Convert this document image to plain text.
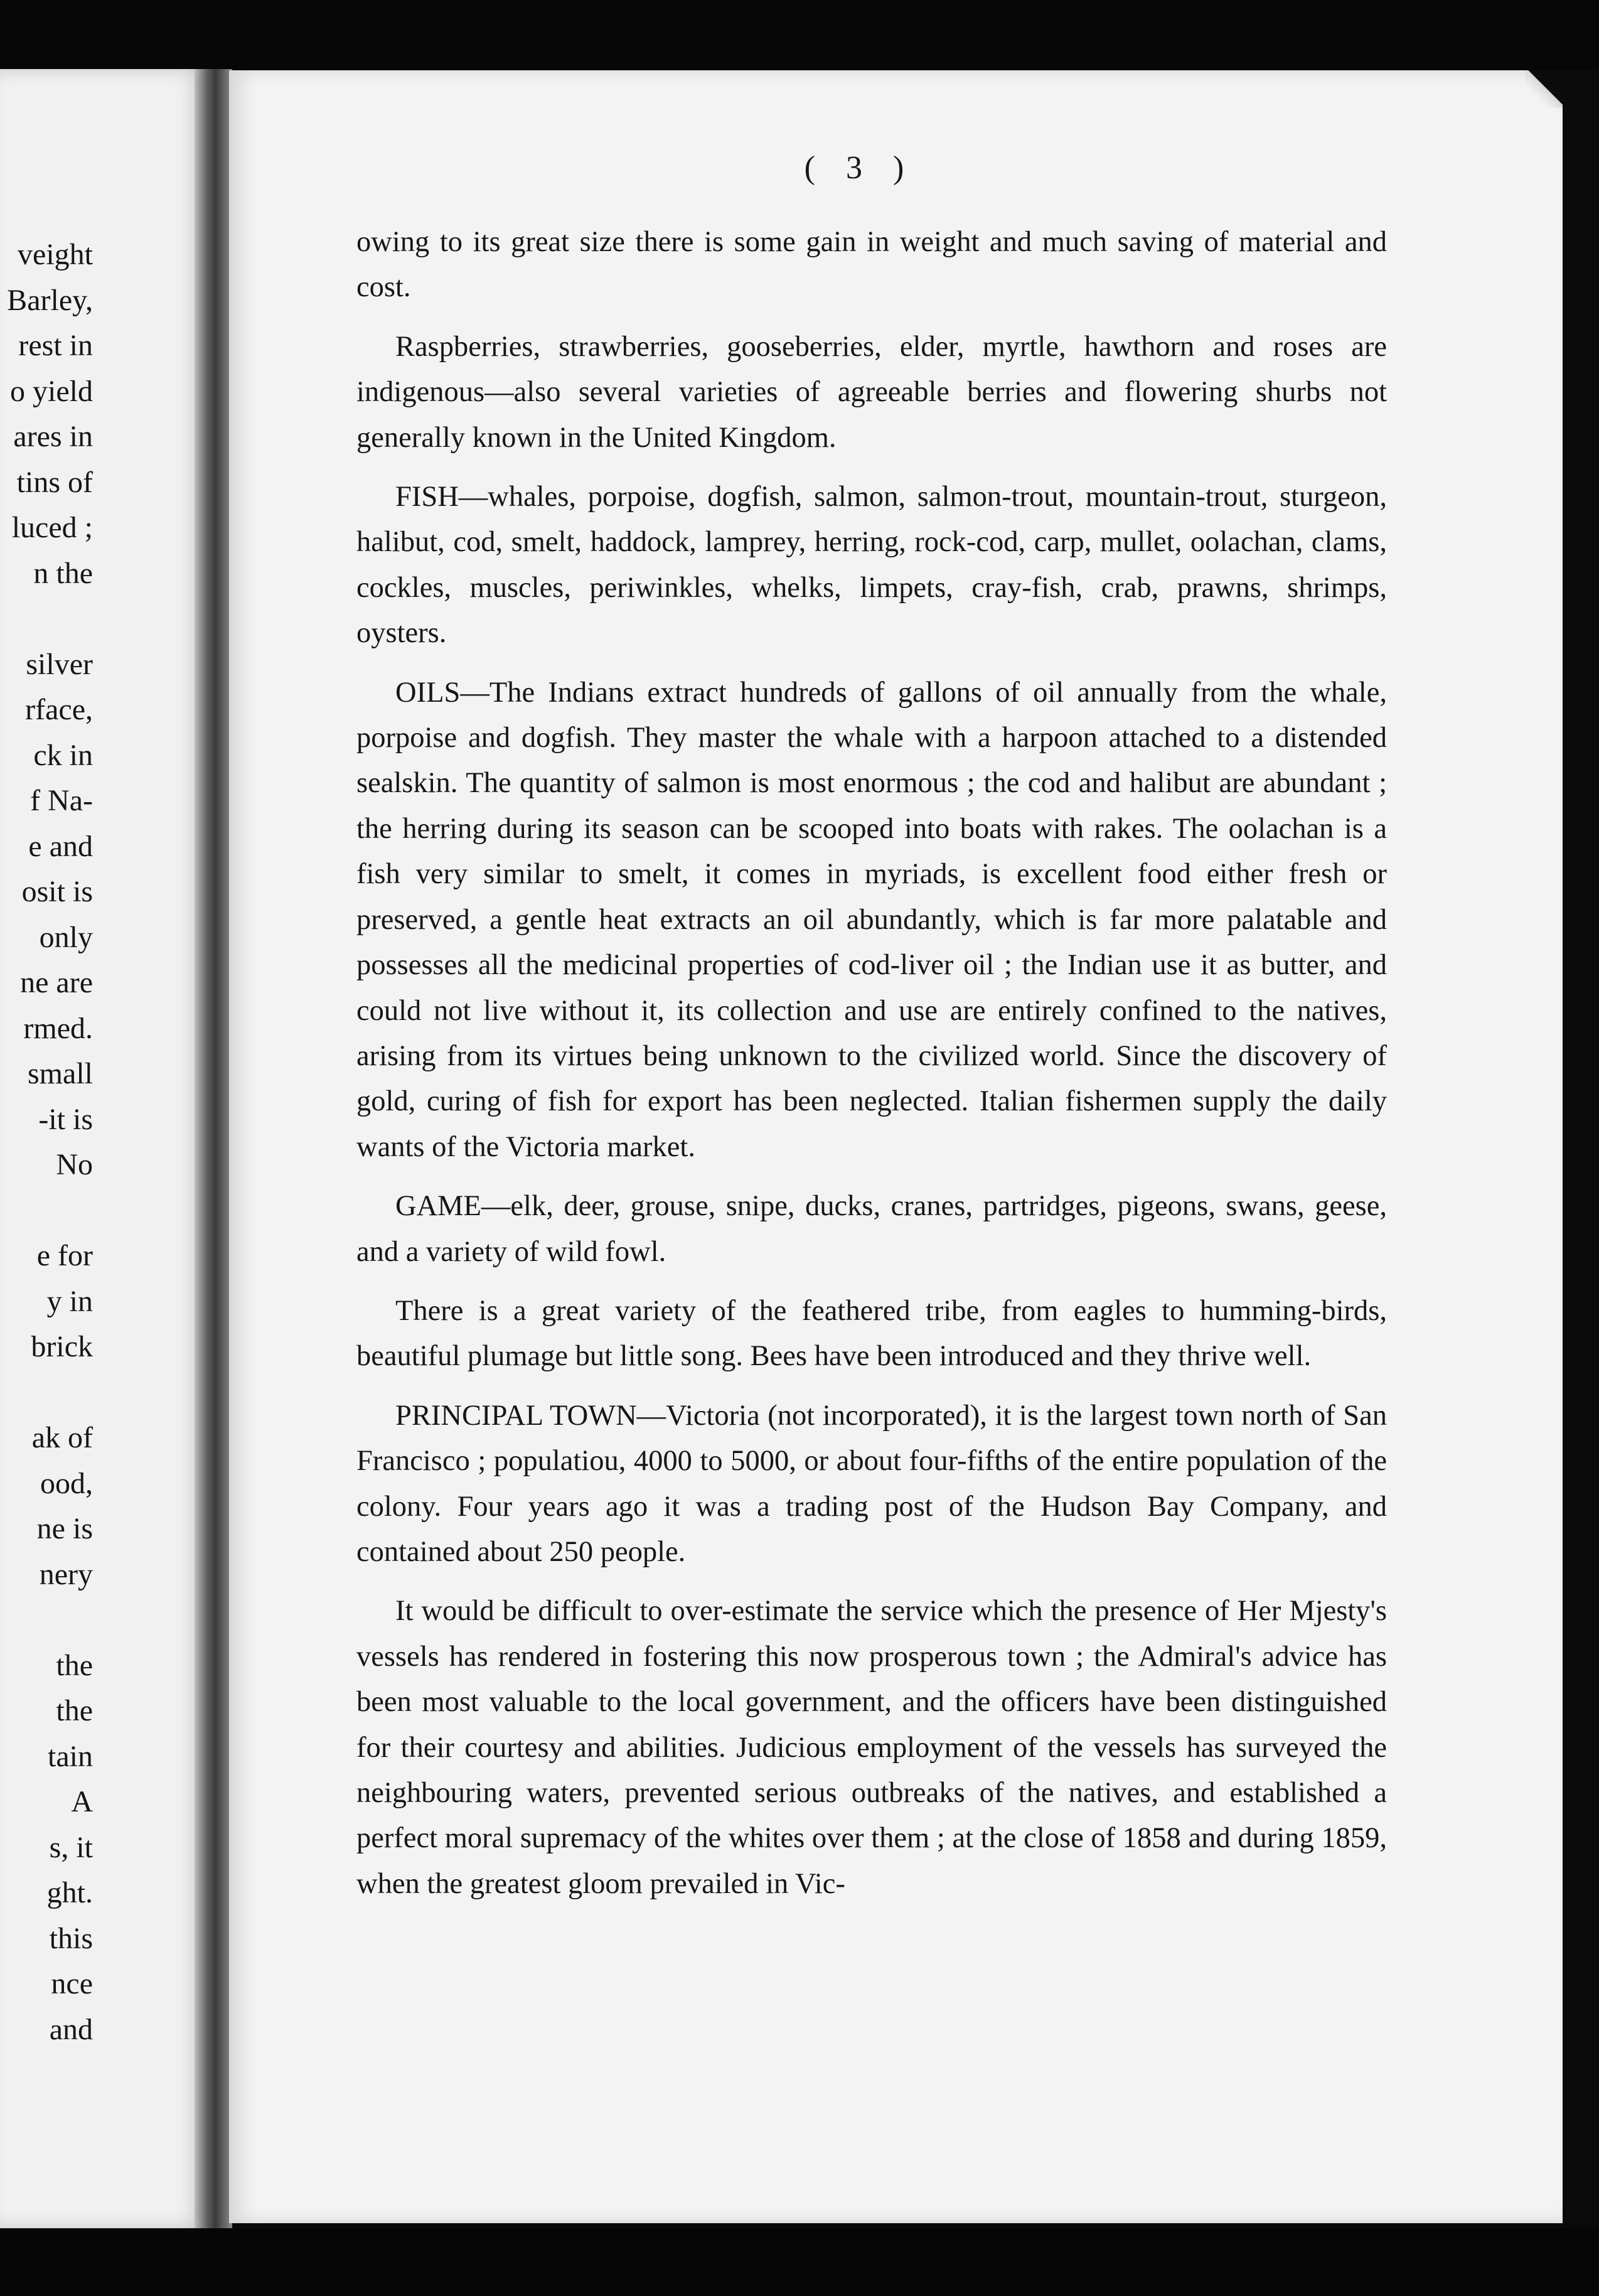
veight
Barley,
rest in
o yield
ares in
tins of
luced ;
n the
silver
rface,
ck in
f Na-
e and
osit is
only
ne are
rmed.
small
-it is
No
e for
y in
brick
ak of
ood,
ne is
nery
the
the
tain
A
s, it
ght.
this
nce
and
( 3 )

owing to its great size there is some gain in weight and much saving of material and cost.

Raspberries, strawberries, gooseberries, elder, myrtle, hawthorn and roses are indigenous—also several varieties of agreeable berries and flowering shurbs not generally known in the United Kingdom.

FISH—whales, porpoise, dogfish, salmon, salmon-trout, mountain-trout, sturgeon, halibut, cod, smelt, haddock, lamprey, herring, rock-cod, carp, mullet, oolachan, clams, cockles, muscles, periwinkles, whelks, limpets, cray-fish, crab, prawns, shrimps, oysters.

OILS—The Indians extract hundreds of gallons of oil annually from the whale, porpoise and dogfish. They master the whale with a harpoon attached to a distended sealskin. The quantity of salmon is most enormous ; the cod and halibut are abundant ; the herring during its season can be scooped into boats with rakes. The oolachan is a fish very similar to smelt, it comes in myriads, is excellent food either fresh or preserved, a gentle heat extracts an oil abundantly, which is far more palatable and possesses all the medicinal properties of cod-liver oil ; the Indian use it as butter, and could not live without it, its collection and use are entirely confined to the natives, arising from its virtues being unknown to the civilized world. Since the discovery of gold, curing of fish for export has been neglected. Italian fishermen supply the daily wants of the Victoria market.

GAME—elk, deer, grouse, snipe, ducks, cranes, partridges, pigeons, swans, geese, and a variety of wild fowl.

There is a great variety of the feathered tribe, from eagles to humming-birds, beautiful plumage but little song. Bees have been introduced and they thrive well.

PRINCIPAL TOWN—Victoria (not incorporated), it is the largest town north of San Francisco ; populatiou, 4000 to 5000, or about four-fifths of the entire population of the colony. Four years ago it was a trading post of the Hudson Bay Company, and contained about 250 people.

It would be difficult to over-estimate the service which the presence of Her Mjesty's vessels has rendered in fostering this now prosperous town ; the Admiral's advice has been most valuable to the local government, and the officers have been distinguished for their courtesy and abilities. Judicious employment of the vessels has surveyed the neighbouring waters, prevented serious outbreaks of the natives, and established a perfect moral supremacy of the whites over them ; at the close of 1858 and during 1859, when the greatest gloom prevailed in Vic-
